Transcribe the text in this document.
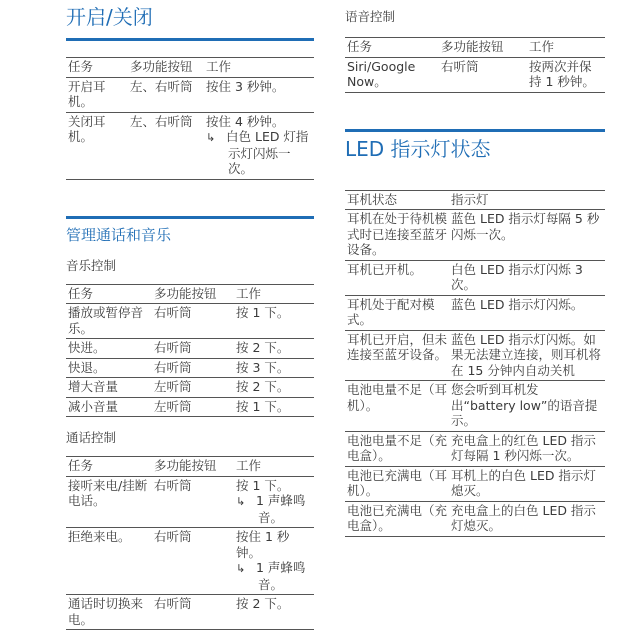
开启/关闭
任务	多功能按钮	工作
开启耳机。	左、右听筒	按住 3 秒钟。
关闭耳机。	左、右听筒	按住 4 秒钟。
↳ 白色 LED 灯指示灯闪烁一次。
管理通话和音乐
音乐控制
任务	多功能按钮	工作
播放或暂停音乐。	右听筒	按 1 下。
快进。	右听筒	按 2 下。
快退。	右听筒	按 3 下。
增大音量	左听筒	按 2 下。
减小音量	左听筒	按 1 下。
通话控制
任务	多功能按钮	工作
接听来电/挂断电话。	右听筒	按 1 下。
↳ 1 声蜂鸣音。

拒绝来电。	右听筒	按住 1 秒钟。
↳ 1 声蜂鸣音。

通话时切换来电。	右听筒	按 2 下。
语音控制
任务	多功能按钮	工作
Siri/Google Now。	右听筒	按两次并保持 1 秒钟。
LED 指示灯状态
耳机状态	指示灯
耳机在处于待机模式时已连接至蓝牙设备。	蓝色 LED 指示灯每隔 5 秒闪烁一次。
耳机已开机。	白色 LED 指示灯闪烁 3 次。
耳机处于配对模式。	蓝色 LED 指示灯闪烁。
耳机已开启，但未连接至蓝牙设备。	蓝色 LED 指示灯闪烁。如果无法建立连接，则耳机将在 15 分钟内自动关机
电池电量不足（耳机）。	您会听到耳机发出“battery low”的语音提示。
电池电量不足（充电盒）。	充电盒上的红色 LED 指示灯每隔 1 秒闪烁一次。
电池已充满电（耳机）。	耳机上的白色 LED 指示灯熄灭。
电池已充满电（充电盒）。	充电盒上的白色 LED 指示灯熄灭。
